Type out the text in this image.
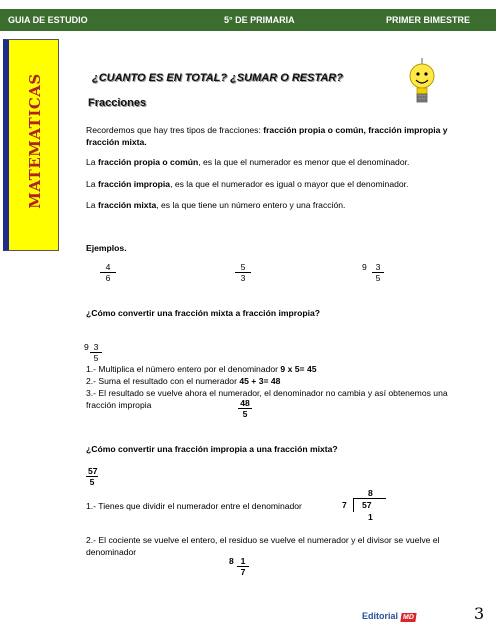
GUIA DE ESTUDIO	5° DE PRIMARIA	PRIMER BIMESTRE
MATEMATICAS	¿CUANTO ES EN TOTAL? ¿SUMAR O RESTAR?
Fracciones
Recordemos que hay tres tipos de fracciones: fracción propia o común, fracción impropia y fracción mixta.
La fracción propia o común, es la que el numerador es menor que el denominador.
La fracción impropia, es la que el numerador es igual o mayor que el denominador.
La fracción mixta, es la que tiene un número entero y una fracción.
Ejemplos.
$\frac{4}{6}$	$\frac{5}{3}$	$9 \frac{3}{5}$
¿Cómo convertir una fracción mixta a fracción impropia?
$9 \frac{3}{5}$
1.- Multiplica el número entero por el denominador 9 x 5= 45
2.- Suma el resultado con el numerador 45 + 3= 48
3.- El resultado se vuelve ahora el numerador, el denominador no cambia y así obtenemos una fracción impropia	$\frac{48}{5}$
¿Cómo convertir una fracción impropia a una fracción mixta?
$\frac{57}{5}$
1.- Tienes que dividir el numerador entre el denominador
8
7 57
1
2.- El cociente se vuelve el entero, el residuo se vuelve el numerador y el divisor se vuelve el denominador
$8 \frac{1}{7}$
Editorial MD	3
